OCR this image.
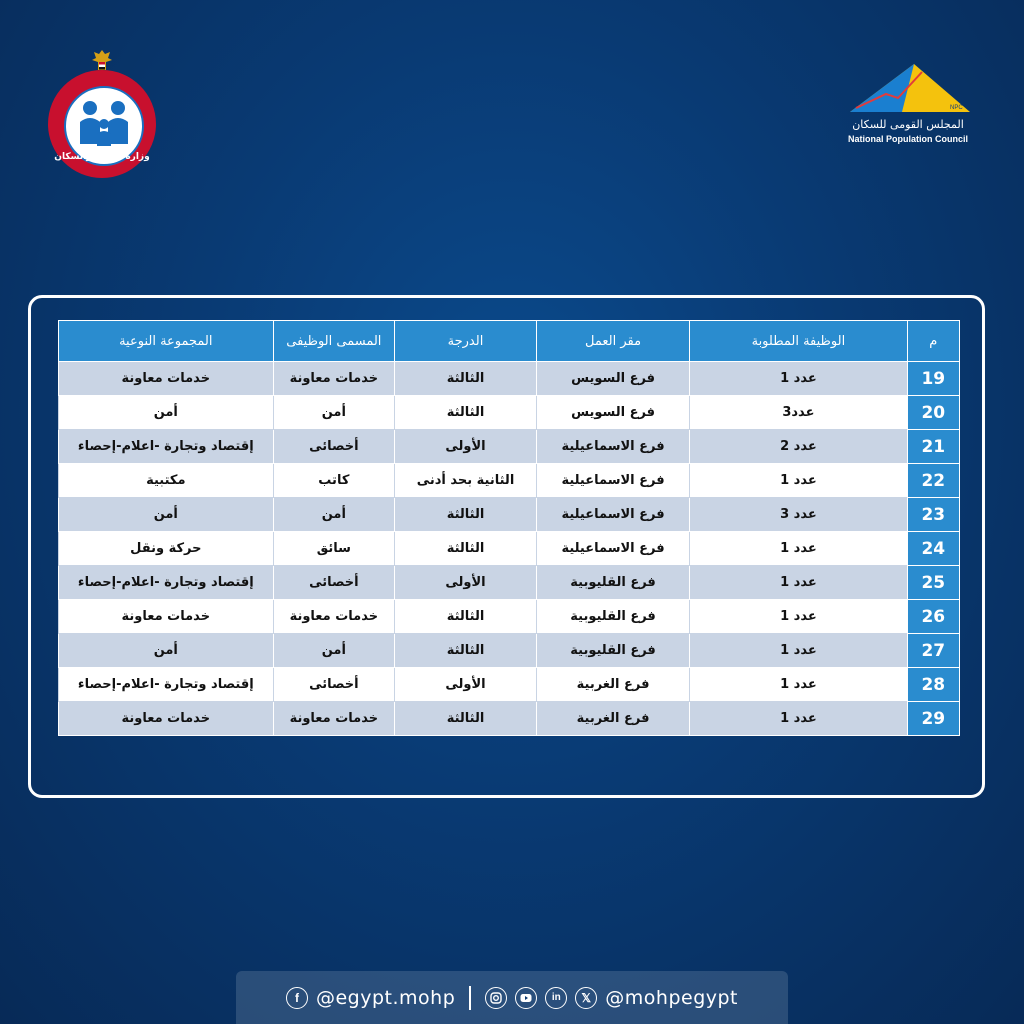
وزارة الصحة والسكان
NPC
المجلس القومى للسكان
National Population Council
م	الوظيفة المطلوبة	مقر العمل	الدرجة	المسمى الوظيفى	المجموعة النوعية
19	عدد 1	فرع السويس	الثالثة	خدمات معاونة	خدمات معاونة
20	عدد3	فرع السويس	الثالثة	أمن	أمن
21	عدد 2	فرع الاسماعيلية	الأولى	أخصائى	إقتصاد وتجارة -اعلام-إحصاء
22	عدد 1	فرع الاسماعيلية	الثانية بحد أدنى	كاتب	مكتبية
23	عدد 3	فرع الاسماعيلية	الثالثة	أمن	أمن
24	عدد 1	فرع الاسماعيلية	الثالثة	سائق	حركة ونقل
25	عدد 1	فرع القليوبية	الأولى	أخصائى	إقتصاد وتجارة -اعلام-إحصاء
26	عدد 1	فرع القليوبية	الثالثة	خدمات معاونة	خدمات معاونة
27	عدد 1	فرع القليوبية	الثالثة	أمن	أمن
28	عدد 1	فرع الغربية	الأولى	أخصائى	إقتصاد وتجارة -اعلام-إحصاء
29	عدد 1	فرع الغربية	الثالثة	خدمات معاونة	خدمات معاونة
f @egypt.mohp	in	𝕏 @mohpegypt
